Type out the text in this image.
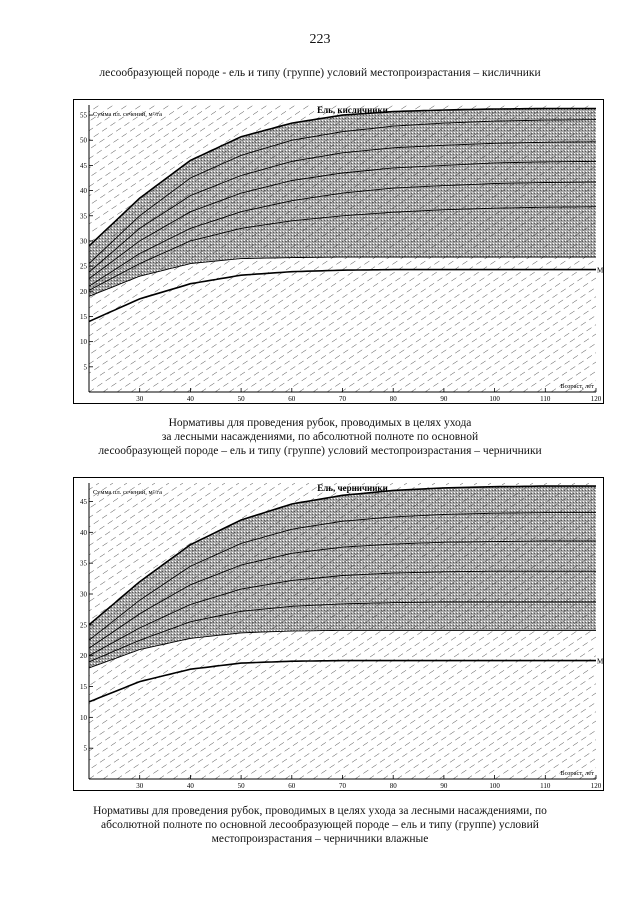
223
лесообразующей породе - ель и типу (группе) условий местопроизрастания – кисличники
30	40	50	60	70	80	90	100	110	120
5
10
15
20
25
30
35
40
45
50
55 Сумма пл. сечений, м²/га
Возраст, лет
Ель, кисличники
M
Нормативы для проведения рубок, проводимых в целях ухода
за лесными насаждениями, по абсолютной полноте по основной
лесообразующей породе – ель и типу (группе) условий местопроизрастания – черничники
30	40	50	60	70	80	90	100	110	120
5
10
15
20
25
30
35
40
45
Сумма пл. сечений, м²/га
Возраст, лет
Ель, черничники
M
Нормативы для проведения рубок, проводимых в целях ухода за лесными насаждениями, по
абсолютной полноте по основной лесообразующей породе – ель и типу (группе) условий
местопроизрастания – черничники влажные
